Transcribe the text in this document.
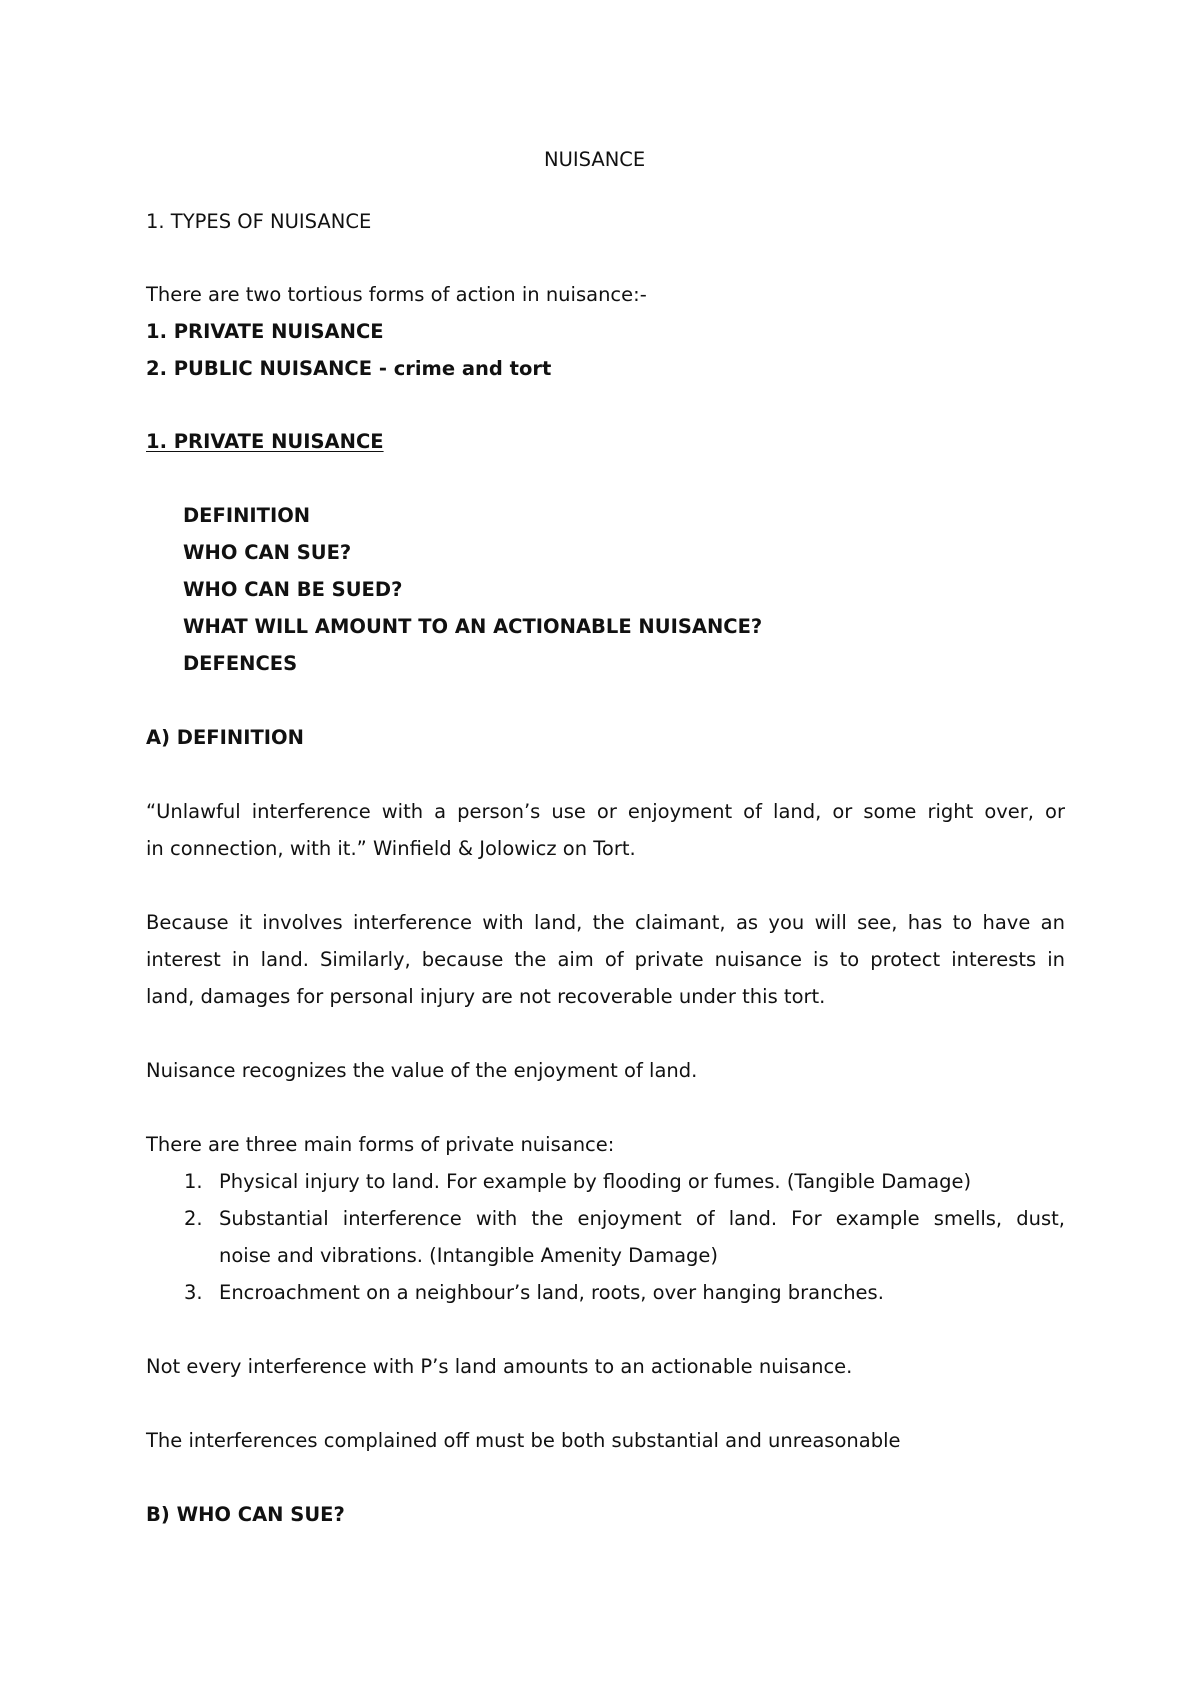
NUISANCE
1. TYPES OF NUISANCE
There are two tortious forms of action in nuisance:-
1. PRIVATE NUISANCE
2. PUBLIC NUISANCE - crime and tort
1. PRIVATE NUISANCE
DEFINITION
WHO CAN SUE?
WHO CAN BE SUED?
WHAT WILL AMOUNT TO AN ACTIONABLE NUISANCE?
DEFENCES
A) DEFINITION
“Unlawful interference with a person’s use or enjoyment of land, or some right over, or
in connection, with it.” Winfield & Jolowicz on Tort.
Because it involves interference with land, the claimant, as you will see, has to have an
interest in land. Similarly, because the aim of private nuisance is to protect interests in
land, damages for personal injury are not recoverable under this tort.
Nuisance recognizes the value of the enjoyment of land.
There are three main forms of private nuisance:
1. Physical injury to land. For example by flooding or fumes. (Tangible Damage)
2. Substantial interference with the enjoyment of land. For example smells, dust,
noise and vibrations. (Intangible Amenity Damage)
3. Encroachment on a neighbour’s land, roots, over hanging branches.
Not every interference with P’s land amounts to an actionable nuisance.
The interferences complained off must be both substantial and unreasonable
B) WHO CAN SUE?
